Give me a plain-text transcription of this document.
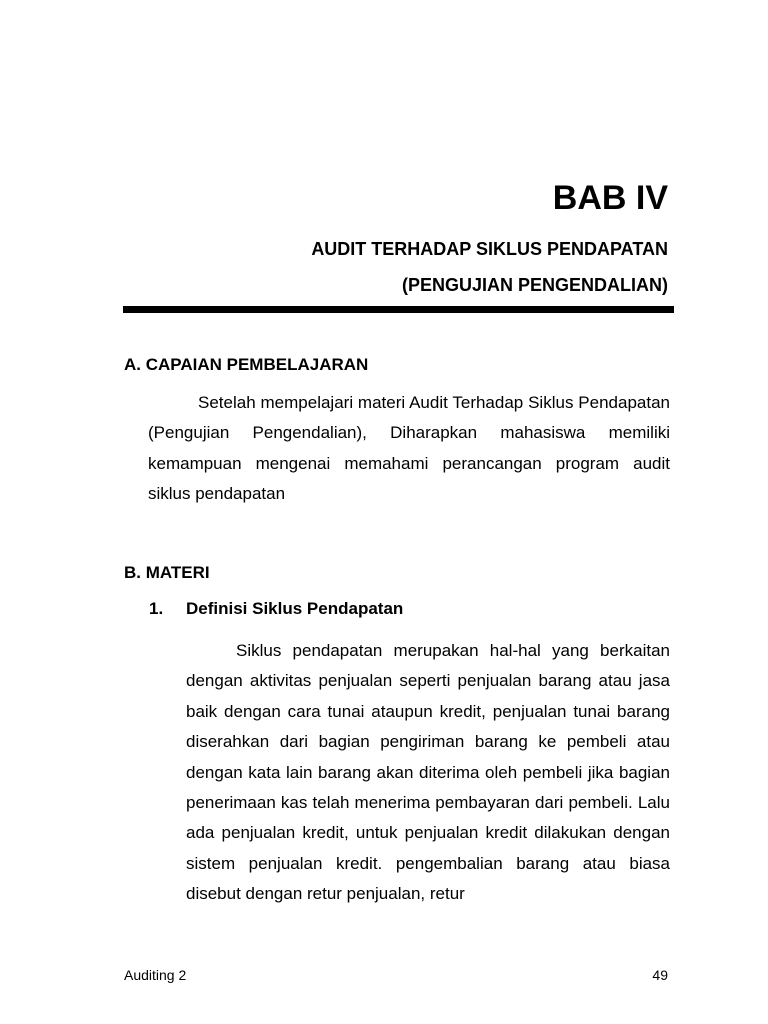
BAB IV
AUDIT TERHADAP SIKLUS PENDAPATAN
(PENGUJIAN PENGENDALIAN)
A. CAPAIAN PEMBELAJARAN

Setelah mempelajari materi Audit Terhadap Siklus Pendapatan (Pengujian Pengendalian), Diharapkan mahasiswa memiliki kemampuan mengenai memahami perancangan program audit siklus pendapatan

B. MATERI
1. Definisi Siklus Pendapatan

Siklus pendapatan merupakan hal-hal yang berkaitan dengan aktivitas penjualan seperti penjualan barang atau jasa baik dengan cara tunai ataupun kredit, penjualan tunai barang diserahkan dari bagian pengiriman barang ke pembeli atau dengan kata lain barang akan diterima oleh pembeli jika bagian penerimaan kas telah menerima pembayaran dari pembeli. Lalu ada penjualan kredit, untuk penjualan kredit dilakukan dengan sistem penjualan kredit. pengembalian barang atau biasa disebut dengan retur penjualan, retur

Auditing 2	49
